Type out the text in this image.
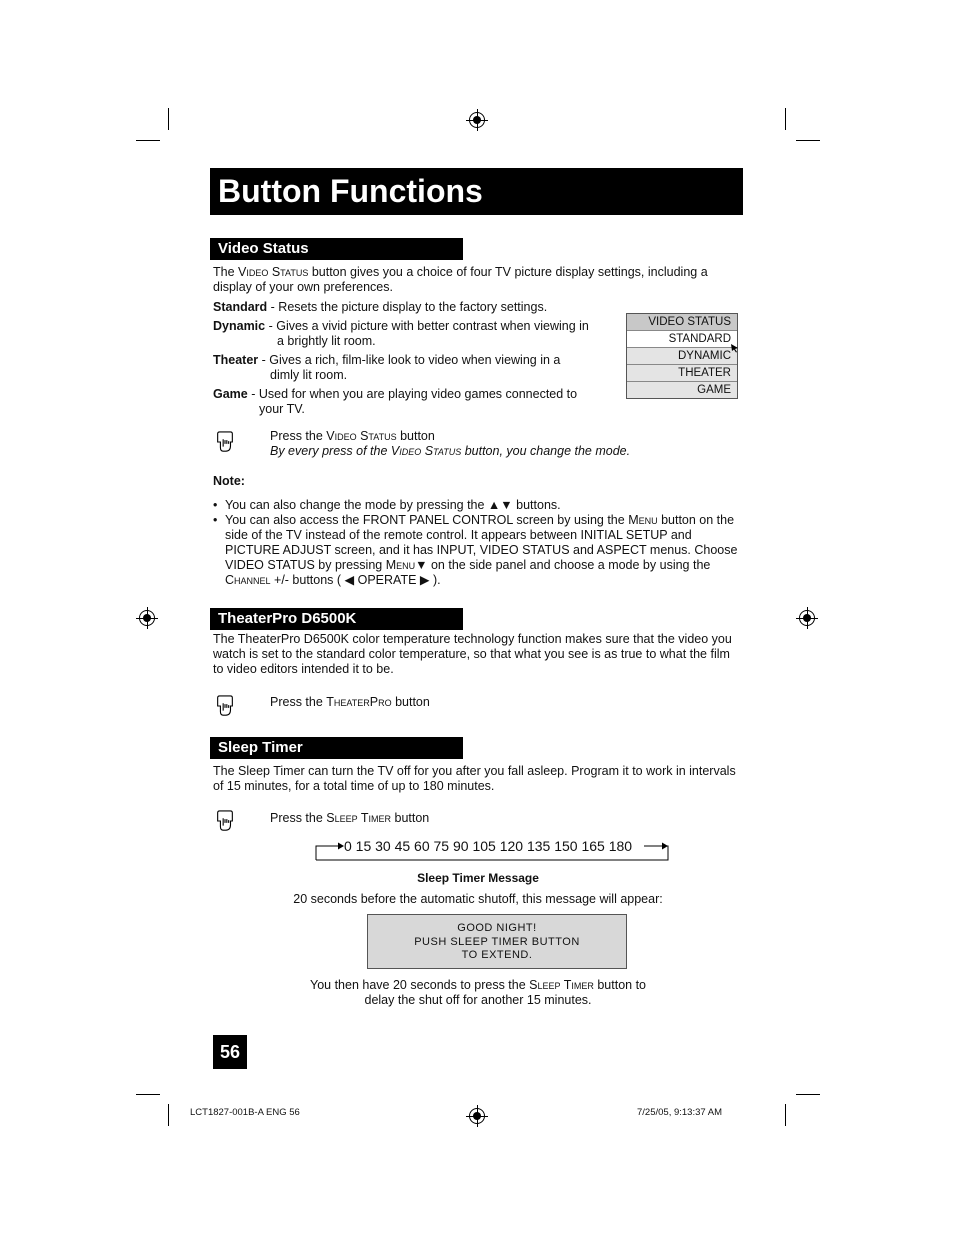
Button Functions
Video Status
The Video Status button gives you a choice of four TV picture display settings, including a display of your own preferences.
Standard - Resets the picture display to the factory settings.
Dynamic - Gives a vivid picture with better contrast when viewing in
a brightly lit room.
Theater - Gives a rich, film-like look to video when viewing in a
dimly lit room.
Game - Used for when you are playing video games connected to
your TV.
VIDEO STATUS
STANDARD
DYNAMIC
THEATER
GAME
Press the Video Status button
By every press of the Video Status button, you change the mode.
Note:
• You can also change the mode by pressing the ▲▼ buttons.
• You can also access the FRONT PANEL CONTROL screen by using the Menu button on the side of the TV instead of the remote control. It appears between INITIAL SETUP and PICTURE ADJUST screen, and it has INPUT, VIDEO STATUS and ASPECT menus. Choose VIDEO STATUS by pressing Menu▼ on the side panel and choose a mode by using the Channel +/- buttons ( ◀ OPERATE ▶ ).
TheaterPro D6500K
The TheaterPro D6500K color temperature technology function makes sure that the video you watch is set to the standard color temperature, so that what you see is as true to what the film to video editors intended it to be.
Press the TheaterPro button
Sleep Timer
The Sleep Timer can turn the TV off for you after you fall asleep. Program it to work in intervals of 15 minutes, for a total time of up to 180 minutes.
Press the Sleep Timer button
0 15 30 45 60 75 90 105 120 135 150 165 180
Sleep Timer Message
20 seconds before the automatic shutoff, this message will appear:
GOOD NIGHT!
PUSH SLEEP TIMER BUTTON
TO EXTEND.
You then have 20 seconds to press the Sleep Timer button to
delay the shut off for another 15 minutes.
56
LCT1827-001B-A ENG 56	7/25/05, 9:13:37 AM
